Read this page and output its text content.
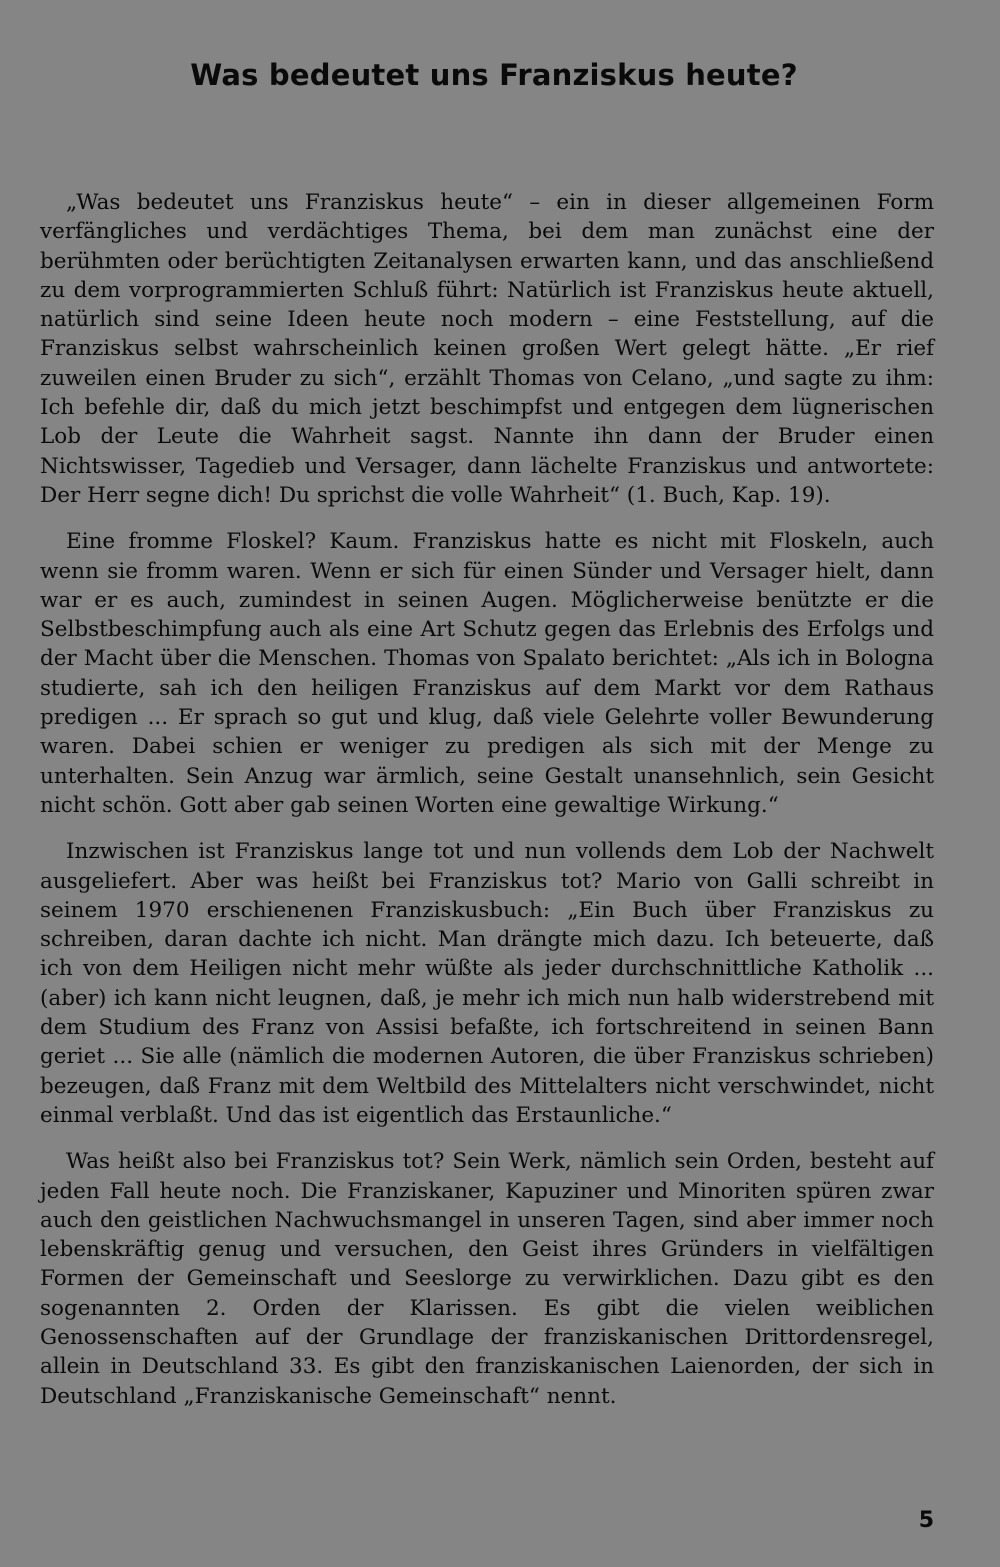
Was bedeutet uns Franziskus heute?

„Was bedeutet uns Franziskus heute“ – ein in dieser allgemeinen Form verfängliches und verdächtiges Thema, bei dem man zunächst eine der berühmten oder berüchtigten Zeitanalysen erwarten kann, und das anschließend zu dem vorprogrammierten Schluß führt: Natürlich ist Franziskus heute aktuell, natürlich sind seine Ideen heute noch modern – eine Feststellung, auf die Franziskus selbst wahrscheinlich keinen großen Wert gelegt hätte. „Er rief zuweilen einen Bruder zu sich“, erzählt Thomas von Celano, „und sagte zu ihm: Ich befehle dir, daß du mich jetzt beschimpfst und entgegen dem lügnerischen Lob der Leute die Wahrheit sagst. Nannte ihn dann der Bruder einen Nichtswisser, Tagedieb und Versager, dann lächelte Franziskus und antwortete: Der Herr segne dich! Du sprichst die volle Wahrheit“ (1. Buch, Kap. 19).

Eine fromme Floskel? Kaum. Franziskus hatte es nicht mit Floskeln, auch wenn sie fromm waren. Wenn er sich für einen Sünder und Versager hielt, dann war er es auch, zumindest in seinen Augen. Möglicherweise benützte er die Selbstbeschimpfung auch als eine Art Schutz gegen das Erlebnis des Erfolgs und der Macht über die Menschen. Thomas von Spalato berichtet: „Als ich in Bologna studierte, sah ich den heiligen Franziskus auf dem Markt vor dem Rathaus predigen ... Er sprach so gut und klug, daß viele Gelehrte voller Bewunderung waren. Dabei schien er weniger zu predigen als sich mit der Menge zu unterhalten. Sein Anzug war ärmlich, seine Gestalt unansehnlich, sein Gesicht nicht schön. Gott aber gab seinen Worten eine gewaltige Wirkung.“

Inzwischen ist Franziskus lange tot und nun vollends dem Lob der Nachwelt ausgeliefert. Aber was heißt bei Franziskus tot? Mario von Galli schreibt in seinem 1970 erschienenen Franziskusbuch: „Ein Buch über Franziskus zu schreiben, daran dachte ich nicht. Man drängte mich dazu. Ich beteuerte, daß ich von dem Heiligen nicht mehr wüßte als jeder durchschnittliche Katholik ... (aber) ich kann nicht leugnen, daß, je mehr ich mich nun halb widerstrebend mit dem Studium des Franz von Assisi befaßte, ich fortschreitend in seinen Bann geriet ... Sie alle (nämlich die modernen Autoren, die über Franziskus schrieben) bezeugen, daß Franz mit dem Weltbild des Mittelalters nicht verschwindet, nicht einmal verblaßt. Und das ist eigentlich das Erstaunliche.“

Was heißt also bei Franziskus tot? Sein Werk, nämlich sein Orden, besteht auf jeden Fall heute noch. Die Franziskaner, Kapuziner und Minoriten spüren zwar auch den geistlichen Nachwuchsmangel in unseren Tagen, sind aber immer noch lebenskräftig genug und versuchen, den Geist ihres Gründers in vielfältigen Formen der Gemeinschaft und Seeslorge zu verwirklichen. Dazu gibt es den sogenannten 2. Orden der Klarissen. Es gibt die vielen weiblichen Genossenschaften auf der Grundlage der franziskanischen Drittordensregel, allein in Deutschland 33. Es gibt den franziskanischen Laienorden, der sich in Deutschland „Franziskanische Gemeinschaft“ nennt.

5
